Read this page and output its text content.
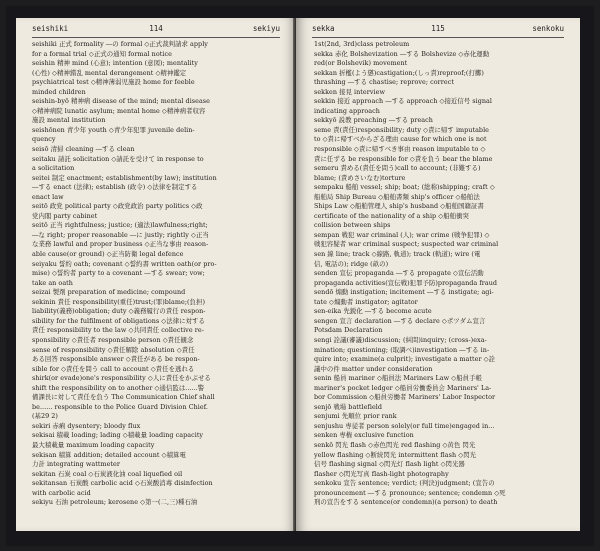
seishiki	114	sekiyu
seishiki 正式 formality ―の formal ◇正式裁判請求 apply
for a formal trial ◇正式の通知 formal notice
seishin 精神 mind (心意); intention (意図); mentality
(心性) ◇精神錯乱 mental derangement ◇精神鑑定
psychiatrical test ◇精神薄弱児施設 home for feeble
minded children
seishin-byō 精神病 disease of the mind; mental disease
◇精神病院 lunatic asylum; mental home ◇精神病者収容
施設 mental institution
seishōnen 青少年 youth ◇青少年犯罪 juvenile delin-
quency
seisō 清掃 cleaning ―する clean
seitaku 請託 solicitation ◇請託を受けて in response to
a solicitation
seitei 制定 enactment; establishment(by law); institution
―する enact (法律); establish (政令) ◇法律を制定する
enact law
seitō 政党 political party ◇政党政治 party politics ◇政
党内閣 party cabinet
seitō 正当 rightfulness; justice; (適法)lawfulness;right;
―な right; proper reasonable ―に justly; rightly ◇正当
な業務 lawful and proper business ◇正当な事由 reason-
able cause(or ground) ◇正当防衛 legal defence
seiyaku 誓約 oath; covenant ◇誓約書 written oath(or pro-
mise) ◇誓約者 party to a covenant ―する swear; vow;
take an oath
seizai 製剤 preparation of medicine; compound
sekinin 責任 responsibility(重任)trust;(罪)blame;(負担)
liability(義務)obligation; duty ◇義務履行の責任 respon-
sibility for the fulfilment of obligations ◇法律に対する
責任 responsibility to the law ◇共同責任 collective re-
sponsibility ◇責任者 responsible person ◇責任観念
sense of responsibility ◇責任解除 absolution ◇責任
ある回答 responsible answer ◇責任がある be respon-
sible for ◇責任を問う call to account ◇責任を逃れる
shirk(or evade)one's responsibility ◇人に責任をかぶせる
shift the responsibility on to another ◇通信監は......警
備課長に対して責任を負う The Communication Chief shall
be...... responsible to the Police Guard Division Chief.
(基29 2)
sekiri 赤痢 dysentery; bloody flux
sekisai 積載 loading; lading ◇積載量 loading capacity
最大積載量 maximum loading capacity
sekisan 積算 addition; detailed account ◇積算電
力計 integrating wattmeter
sekitan 石炭 coal ◇石炭液化油 coal liquefied oil
sekitansan 石炭酸 carbolic acid ◇石炭酸消毒 disinfection
with carbolic acid
sekiyu 石油 petroleum; kerosene ◇第一(二,三)種石油
sekka	115	senkoku
1st(2nd, 3rd)class petroleum
sekka 赤化 Bolshevization ―する Bolshevize ◇赤化運動
red(or Bolshevik) movement
sekkan 折檻(よう懲)castigation;(しっ責)reproof;(打擲)
thrashing ―する chastise; reprove; correct
sekken 接見 interview
sekkin 接近 approach ―する approach ◇接近信号 signal
indicating approach
sekkyō 説教 preaching ―する preach
seme 責(責任)responsibility; duty ◇責に帰す imputable
to ◇責に帰すべからざる理由 cause for which one is not
responsible ◇責に帰すべき事由 reason imputable to ◇
責に任ずる be responsible for ◇責を負う bear the blame
semeru 責める(責任を問う)call to account; (非難する)
blame; (責めさいなむ)torture
sempaku 船舶 vessel; ship; boat; (総称)shipping; craft ◇
船舶局 Ship Bureau ◇船舶書類 ship's officer ◇船舶法
Ships Law ◇船舶管理人 ship's husband ◇船舶国籍証書
certificate of the nationality of a ship ◇船舶衝突
collision between ships
sempan 戦犯 war criminal (人); war crime (戦争犯罪) ◇
戦犯容疑者 war criminal suspect; suspected war criminal
sen 線 line; track ◇線路, 軌道); track (軌道); wire (電
信, 電話の); ridge (畝の)
senden 宣伝 propaganda ―する propagate ◇宣伝活動
propaganda activities(宣伝戦)犯罪予防)propaganda fraud
sendō 煽動 instigation; incitement ―する instigate; agi-
tate ◇煽動者 instigator; agitator
sen-eika 先鋭化 ―する become acute
sengen 宣言 declaration ―する declare ◇ポツダム宣言
Potsdam Declaration
sengi 詮議(審議)discussion; (糾問)inquiry; (cross-)exa-
mination; questioning; (取調べ)investigation ―する in-
quire into; examine(a culprit); investigate a matter ◇詮
議中の件 matter under consideration
senin 船員 mariner ◇船員法 Mariners Law ◇船員手帳
mariner's pocket ledger ◇船員労働委員会 Mariners' La-
bor Commission ◇船員労働者 Mariners' Labor Inspector
senjō 戦場 battlefield
senjumi 先順位 prior rank
senjushu 専従者 person solely(or full time)engaged in...
senken 専権 exclusive function
senkō 閃光 flash ◇赤色閃光 red flashing ◇黄色 閃光
yellow flashing ◇断続閃光 intermittent flash ◇閃光
信号 flashing signal ◇閃光灯 flash light ◇閃光器
flasher ◇閃光写真 flash-light photography
senkoku 宣告 sentence; verdict; (判決)judgment; (宣告の
pronouncement ―する pronounce; sentence; condemn ◇死
刑の宣告をする sentence(or condemn)(a person) to death
